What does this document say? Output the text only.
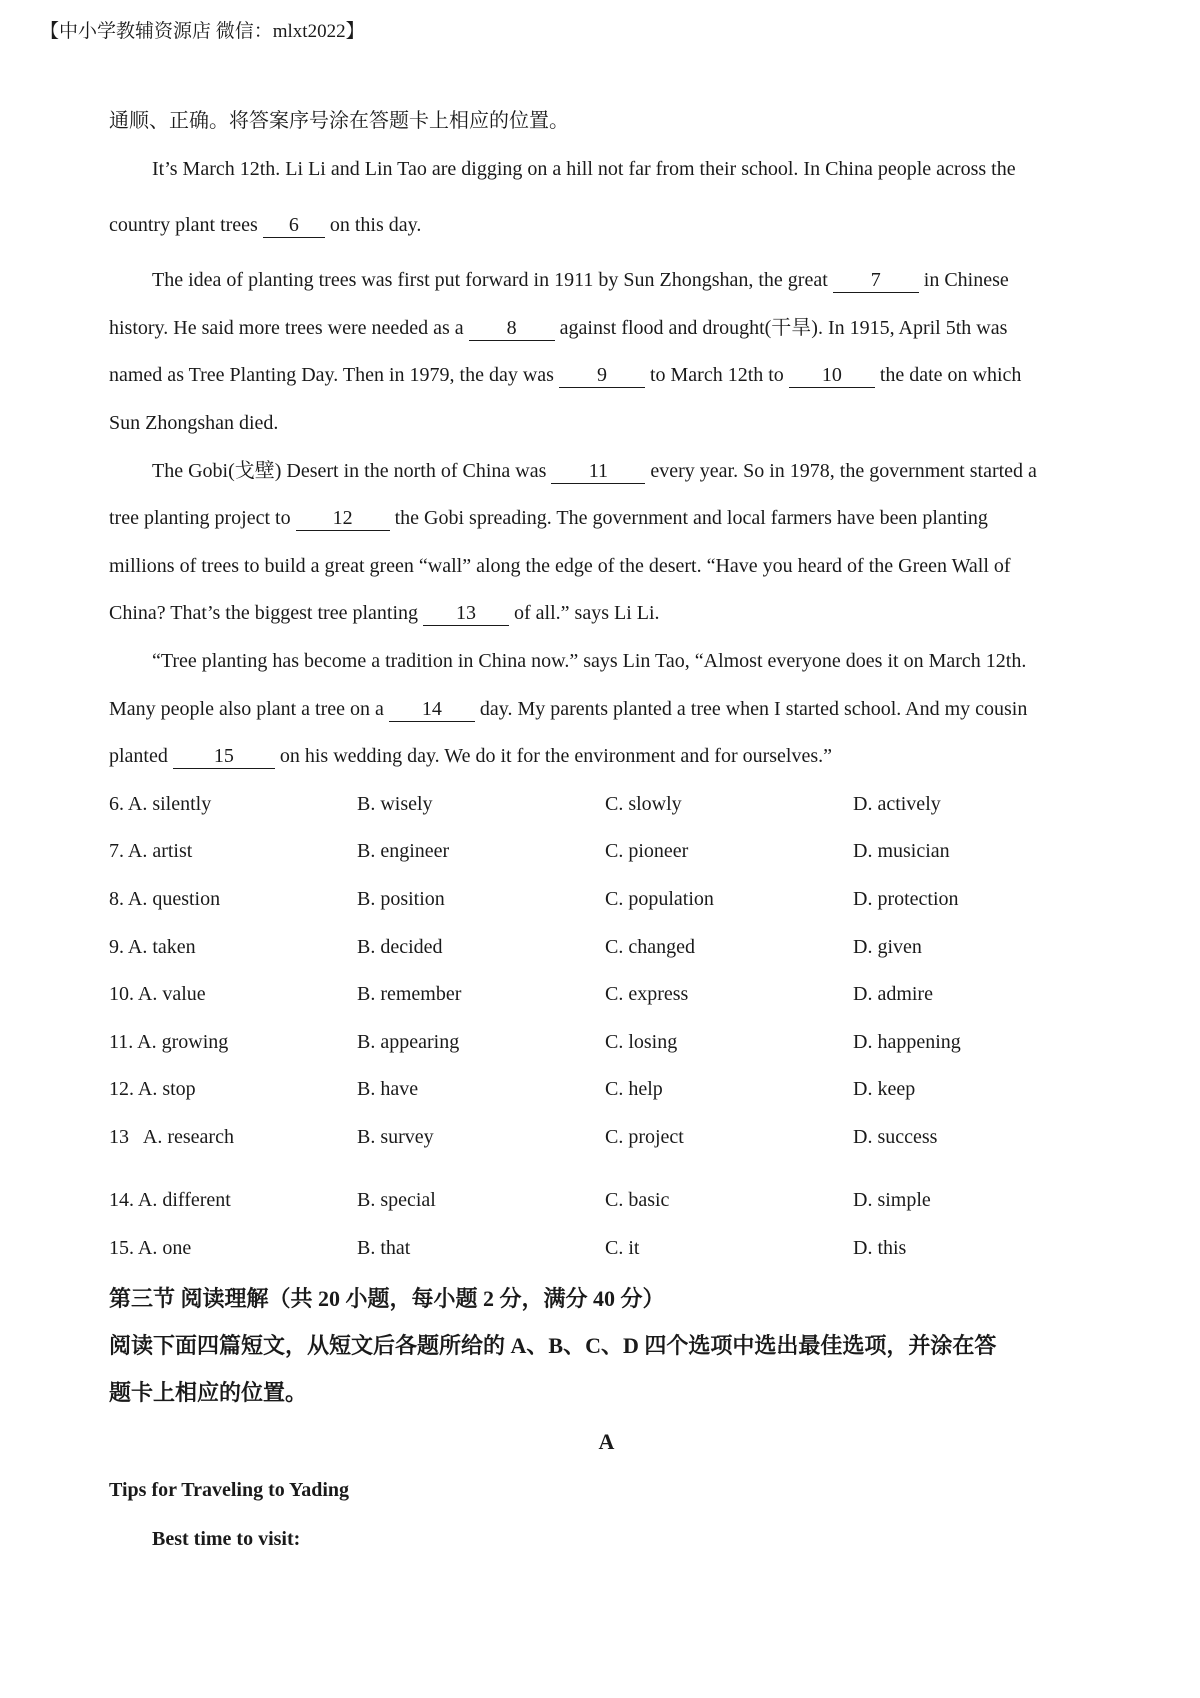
【中小学教辅资源店 微信：mlxt2022】
通顺、正确。将答案序号涂在答题卡上相应的位置。
It’s March 12th. Li Li and Lin Tao are digging on a hill not far from their school. In China people across the
country plant trees 6 on this day.
The idea of planting trees was first put forward in 1911 by Sun Zhongshan, the great 7 in Chinese
history. He said more trees were needed as a 8 against flood and drought(干旱). In 1915, April 5th was
named as Tree Planting Day. Then in 1979, the day was 9 to March 12th to 10 the date on which
Sun Zhongshan died.
The Gobi(戈壁) Desert in the north of China was 11 every year. So in 1978, the government started a
tree planting project to 12 the Gobi spreading. The government and local farmers have been planting
millions of trees to build a great green “wall” along the edge of the desert. “Have you heard of the Green Wall of
China? That’s the biggest tree planting 13 of all.” says Li Li.
“Tree planting has become a tradition in China now.” says Lin Tao, “Almost everyone does it on March 12th.
Many people also plant a tree on a 14 day. My parents planted a tree when I started school. And my cousin
planted 15 on his wedding day. We do it for the environment and for ourselves.”
6. A. silently	B. wisely	C. slowly	D. actively
7. A. artist	B. engineer	C. pioneer	D. musician
8. A. question	B. position	C. population	D. protection
9. A. taken	B. decided	C. changed	D. given
10. A. value	B. remember	C. express	D. admire
11. A. growing	B. appearing	C. losing	D. happening
12. A. stop	B. have	C. help	D. keep
13   A. research	B. survey	C. project	D. success
14. A. different	B. special	C. basic	D. simple
15. A. one	B. that	C. it	D. this
第三节 阅读理解（共 20 小题，每小题 2 分，满分 40 分）
阅读下面四篇短文，从短文后各题所给的 A、B、C、D 四个选项中选出最佳选项，并涂在答
题卡上相应的位置。
A
Tips for Traveling to Yading
Best time to visit:
